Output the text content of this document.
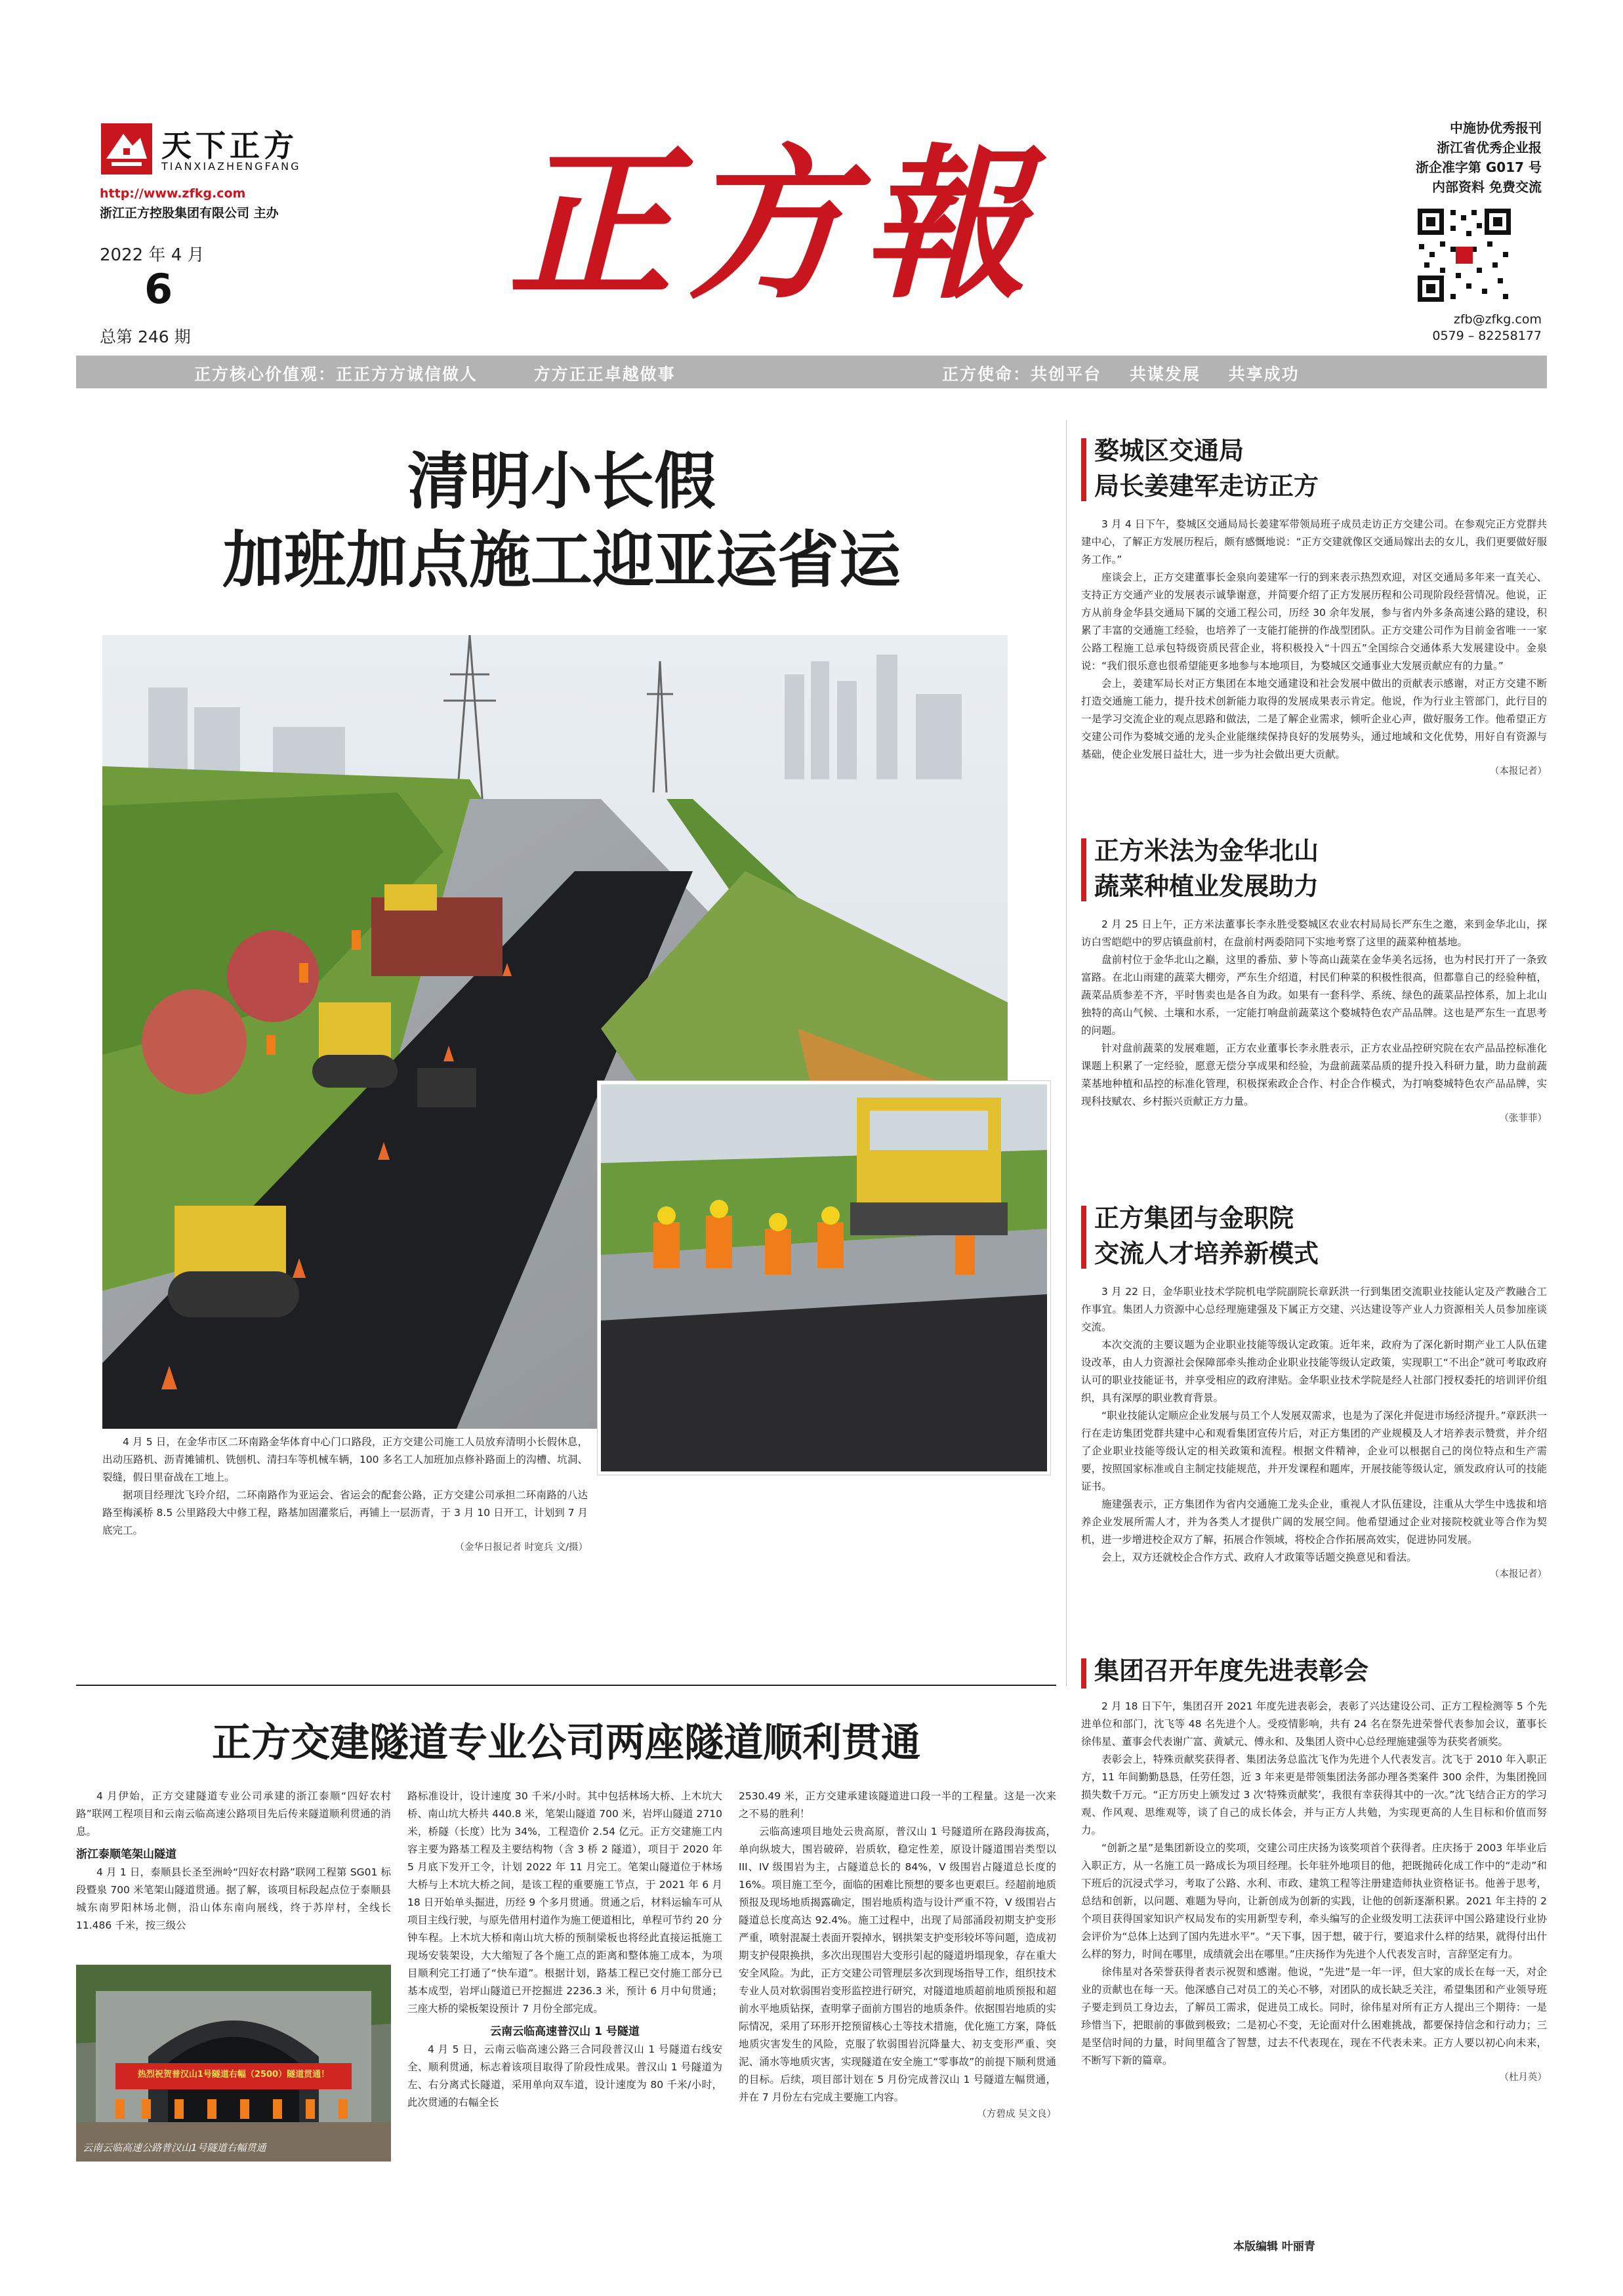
天下正方
TIANXIAZHENGFANG
http://www.zfkg.com
浙江正方控股集团有限公司 主办
2022 年 4 月
6
总第 246 期
正方報	中施协优秀报刊
浙江省优秀企业报
浙企准字第 G017 号
内部资料 免费交流
zfb@zfkg.com
0579 – 82258177
正方核心价值观：正正方方诚信做人        方方正正卓越做事	正方使命：共创平台    共谋发展    共享成功
清明小长假
加班加点施工迎亚运省运

4 月 5 日，在金华市区二环南路金华体育中心门口路段，正方交建公司施工人员放弃清明小长假休息，出动压路机、沥青摊铺机、铣刨机、清扫车等机械车辆，100 多名工人加班加点修补路面上的沟槽、坑洞、裂缝，假日里奋战在工地上。

据项目经理沈飞玲介绍，二环南路作为亚运会、省运会的配套公路，正方交建公司承担二环南路的八达路至梅溪桥 8.5 公里路段大中修工程，路基加固灌浆后，再铺上一层沥青，于 3 月 10 日开工，计划到 7 月底完工。

（金华日报记者 时宽兵 文/摄）
正方交建隧道专业公司两座隧道顺利贯通

4 月伊始，正方交建隧道专业公司承建的浙江泰顺“四好农村路”联网工程项目和云南云临高速公路项目先后传来隧道顺利贯通的消息。

浙江泰顺笔架山隧道

4 月 1 日，泰顺县长圣至洲岭“四好农村路”联网工程第 SG01 标段暨泉 700 米笔架山隧道贯通。据了解，该项目标段起点位于泰顺县城东南罗阳林场北侧，沿山体东南向展线，终于苏岸村，全线长 11.486 千米，按三级公

热烈祝贺普汉山1号隧道右幅（2500）隧道贯通！
云南云临高速公路普汉山1号隧道右幅贯通

路标准设计，设计速度 30 千米/小时。其中包括林场大桥、上木坑大桥、南山坑大桥共 440.8 米，笔架山隧道 700 米，岩坪山隧道 2710 米，桥隧（长度）比为 34%，工程造价 2.54 亿元。正方交建施工内容主要为路基工程及主要结构物（含 3 桥 2 隧道），项目于 2020 年 5 月底下发开工令，计划 2022 年 11 月完工。笔架山隧道位于林场大桥与上木坑大桥之间，是该工程的重要施工节点，于 2021 年 6 月 18 日开始单头掘进，历经 9 个多月贯通。贯通之后，材料运输车可从项目主线行驶，与原先借用村道作为施工便道相比，单程可节约 20 分钟车程。上木坑大桥和南山坑大桥的预制梁板也将经此直接运抵施工现场安装架设，大大缩短了各个施工点的距离和整体施工成本，为项目顺利完工打通了“快车道”。根据计划，路基工程已交付施工部分已基本成型，岩坪山隧道已开挖掘进 2236.3 米，预计 6 月中旬贯通；三座大桥的梁板架设预计 7 月份全部完成。

云南云临高速普汉山 1 号隧道

4 月 5 日，云南云临高速公路三合同段普汉山 1 号隧道右线安全、顺利贯通，标志着该项目取得了阶段性成果。普汉山 1 号隧道为左、右分离式长隧道，采用单向双车道，设计速度为 80 千米/小时，此次贯通的右幅全长

2530.49 米，正方交建承建该隧道进口段一半的工程量。这是一次来之不易的胜利！

云临高速项目地处云贵高原，普汉山 1 号隧道所在路段海拔高，单向纵坡大，围岩破碎，岩质软，稳定性差，原设计隧道围岩类型以 III、IV 级围岩为主，占隧道总长的 84%，V 级围岩占隧道总长度的 16%。项目施工至今，面临的困难比预想的要多也更艰巨。经超前地质预报及现场地质揭露确定，围岩地质构造与设计严重不符，V 级围岩占隧道总长度高达 92.4%。施工过程中，出现了局部涌段初期支护变形严重，喷射混凝土表面开裂掉水，钢拱架支护变形较坏等问题，造成初期支护侵限换拱，多次出现围岩大变形引起的隧道坍塌现象，存在重大安全风险。为此，正方交建公司管理层多次到现场指导工作，组织技术专业人员对软弱围岩变形监控进行研究，对隧道地质超前地质预报和超前水平地质钻探，查明掌子面前方围岩的地质条件。依据围岩地质的实际情况，采用了环形开挖预留核心土等技术措施，优化施工方案，降低地质灾害发生的风险，克服了软弱围岩沉降量大、初支变形严重、突泥、涌水等地质灾害，实现隧道在安全施工“零事故”的前提下顺利贯通的目标。后续，项目部计划在 5 月份完成普汉山 1 号隧道左幅贯通，并在 7 月份左右完成主要施工内容。

（方碧成 吴文良）
婺城区交通局
局长姜建军走访正方

3 月 4 日下午，婺城区交通局局长姜建军带领局班子成员走访正方交建公司。在参观完正方党群共建中心，了解正方发展历程后，颇有感慨地说：“正方交建就像区交通局嫁出去的女儿，我们更要做好服务工作。”

座谈会上，正方交建董事长金泉向姜建军一行的到来表示热烈欢迎，对区交通局多年来一直关心、支持正方交通产业的发展表示诚挚谢意，并简要介绍了正方发展历程和公司现阶段经营情况。他说，正方从前身金华县交通局下属的交通工程公司，历经 30 余年发展，参与省内外多条高速公路的建设，积累了丰富的交通施工经验，也培养了一支能打能拼的作战型团队。正方交建公司作为目前金省唯一一家公路工程施工总承包特级资质民营企业，将积极投入“十四五”全国综合交通体系大发展建设中。金泉说：“我们很乐意也很希望能更多地参与本地项目，为婺城区交通事业大发展贡献应有的力量。”

会上，姜建军局长对正方集团在本地交通建设和社会发展中做出的贡献表示感谢，对正方交建不断打造交通施工能力，提升技术创新能力取得的发展成果表示肯定。他说，作为行业主管部门，此行目的一是学习交流企业的观点思路和做法，二是了解企业需求，倾听企业心声，做好服务工作。他希望正方交建公司作为婺城交通的龙头企业能继续保持良好的发展势头，通过地域和文化优势，用好自有资源与基础，使企业发展日益壮大，进一步为社会做出更大贡献。

（本报记者）
正方米法为金华北山
蔬菜种植业发展助力

2 月 25 日上午，正方米法董事长李永胜受婺城区农业农村局局长严东生之邀，来到金华北山，探访白雪皑皑中的罗店镇盘前村，在盘前村两委陪同下实地考察了这里的蔬菜种植基地。

盘前村位于金华北山之巅，这里的番茄、萝卜等高山蔬菜在金华美名远扬，也为村民打开了一条致富路。在北山雨建的蔬菜大棚旁，严东生介绍道，村民们种菜的积极性很高，但都靠自己的经验种植，蔬菜品质参差不齐，平时售卖也是各自为政。如果有一套科学、系统、绿色的蔬菜品控体系，加上北山独特的高山气候、土壤和水系，一定能打响盘前蔬菜这个婺城特色农产品品牌。这也是严东生一直思考的问题。

针对盘前蔬菜的发展难题，正方农业董事长李永胜表示，正方农业品控研究院在农产品品控标准化课题上积累了一定经验，愿意无偿分享成果和经验，为盘前蔬菜品质的提升投入科研力量，助力盘前蔬菜基地种植和品控的标准化管理，积极探索政企合作、村企合作模式，为打响婺城特色农产品品牌，实现科技赋农、乡村振兴贡献正方力量。

（张菲菲）
正方集团与金职院
交流人才培养新模式

3 月 22 日，金华职业技术学院机电学院副院长章跃洪一行到集团交流职业技能认定及产教融合工作事宜。集团人力资源中心总经理施建强及下属正方交建、兴达建设等产业人力资源相关人员参加座谈交流。

本次交流的主要议题为企业职业技能等级认定政策。近年来，政府为了深化新时期产业工人队伍建设改革，由人力资源社会保障部牵头推动企业职业技能等级认定政策，实现职工“不出企”就可考取政府认可的职业技能证书，并享受相应的政府津贴。金华职业技术学院是经人社部门授权委托的培训评价组织，具有深厚的职业教育背景。

“职业技能认定顺应企业发展与员工个人发展双需求，也是为了深化并促进市场经济提升。”章跃洪一行在走访集团党群共建中心和观看集团宣传片后，对正方集团的产业规模及人才培养表示赞赏，并介绍了企业职业技能等级认定的相关政策和流程。根据文件精神，企业可以根据自己的岗位特点和生产需要，按照国家标准或自主制定技能规范，并开发课程和题库，开展技能等级认定，颁发政府认可的技能证书。

施建强表示，正方集团作为省内交通施工龙头企业，重视人才队伍建设，注重从大学生中选拔和培养企业发展所需人才，并为各类人才提供广阔的发展空间。他希望通过企业对接院校就业等合作为契机，进一步增进校企双方了解，拓展合作领域，将校企合作拓展高效实，促进协同发展。

会上，双方还就校企合作方式、政府人才政策等话题交换意见和看法。

（本报记者）
集团召开年度先进表彰会

2 月 18 日下午，集团召开 2021 年度先进表彰会，表彰了兴达建设公司、正方工程检测等 5 个先进单位和部门，沈飞等 48 名先进个人。受疫情影响，共有 24 名在祭先进荣誉代表参加会议，董事长徐伟星、董事会代表谢广富、黄斌元、傅永和、及集团人资中心总经理施建强等为获奖者颁奖。

表彰会上，特殊贡献奖获得者、集团法务总监沈飞作为先进个人代表发言。沈飞于 2010 年入职正方，11 年间勤勤恳恳，任劳任怨，近 3 年来更是带领集团法务部办理各类案件 300 余件，为集团挽回损失数千万元。“正方历史上颁发过 3 次‘特殊贡献奖’，我很有幸获得其中的一次。”沈飞结合正方的学习观、作风观、思维观等，谈了自己的成长体会，并与正方人共勉，为实现更高的人生目标和价值而努力。

“创新之星”是集团新设立的奖项，交建公司庄庆扬为该奖项首个获得者。庄庆扬于 2003 年毕业后入职正方，从一名施工员一路成长为项目经理。长年驻外地项目的他，把既抛砖化成工作中的“走动”和下班后的沉浸式学习，考取了公路、水利、市政、建筑工程等注册建造师执业资格证书。他善于思考，总结和创新，以问题、难题为导向，让新创成为创新的实践，让他的创新逐渐积累。2021 年主持的 2 个项目获得国家知识产权局发布的实用新型专利，牵头编写的企业级发明工法获评中国公路建设行业协会评价为“总体上达到了国内先进水平”。“天下事，因于想，破于行，要追求什么样的结果，就得付出什么样的努力，时间在哪里，成绩就会出在哪里。”庄庆扬作为先进个人代表发言时，言辞坚定有力。

徐伟星对各荣誉获得者表示祝贺和感谢。他说，“先进”是一年一评，但大家的成长在每一天，对企业的贡献也在每一天。他深感自己对员工的关心不够，对团队的成长缺乏关注，希望集团和产业领导班子要走到员工身边去，了解员工需求，促进员工成长。同时，徐伟星对所有正方人提出三个期待：一是珍惜当下，把眼前的事做到极致；二是初心不变，无论面对什么困难挑战，都要保持信念和行动力；三是坚信时间的力量，时间里蕴含了智慧，过去不代表现在，现在不代表未来。正方人要以初心向未来，不断写下新的篇章。

（杜月英）
本版编辑 叶丽青
